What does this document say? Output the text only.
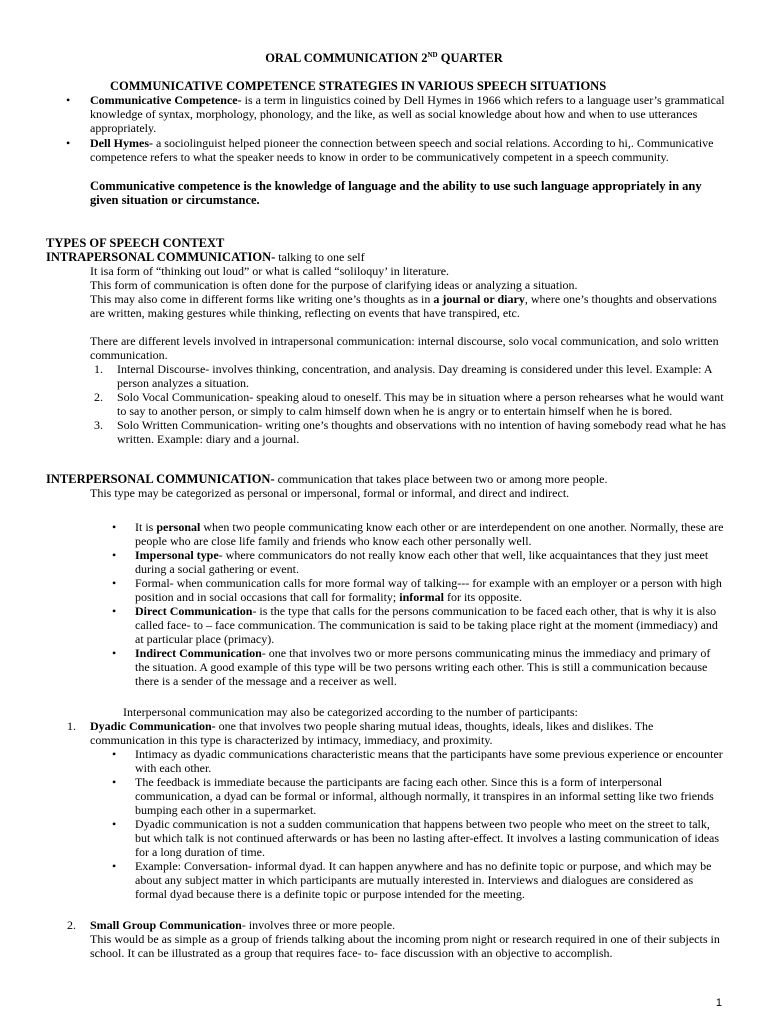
ORAL COMMUNICATION 2ND QUARTER
COMMUNICATIVE COMPETENCE STRATEGIES IN VARIOUS SPEECH SITUATIONS
• Communicative Competence- is a term in linguistics coined by Dell Hymes in 1966 which refers to a language user’s grammatical knowledge of syntax, morphology, phonology, and the like, as well as social knowledge about how and when to use utterances appropriately.
• Dell Hymes- a sociolinguist helped pioneer the connection between speech and social relations. According to hi,. Communicative competence refers to what the speaker needs to know in order to be communicatively competent in a speech community.
Communicative competence is the knowledge of language and the ability to use such language appropriately in any given situation or circumstance.
TYPES OF SPEECH CONTEXT
INTRAPERSONAL COMMUNICATION- talking to one self
It isa form of “thinking out loud” or what is called “soliloquy’ in literature.
This form of communication is often done for the purpose of clarifying ideas or analyzing a situation.
This may also come in different forms like writing one’s thoughts as in a journal or diary, where one’s thoughts and observations are written, making gestures while thinking, reflecting on events that have transpired, etc.
There are different levels involved in intrapersonal communication: internal discourse, solo vocal communication, and solo written communication.
1. Internal Discourse- involves thinking, concentration, and analysis. Day dreaming is considered under this level. Example: A person analyzes a situation.
2. Solo Vocal Communication- speaking aloud to oneself. This may be in situation where a person rehearses what he would want to say to another person, or simply to calm himself down when he is angry or to entertain himself when he is bored.
3. Solo Written Communication- writing one’s thoughts and observations with no intention of having somebody read what he has written. Example: diary and a journal.
INTERPERSONAL COMMUNICATION- communication that takes place between two or among more people.
This type may be categorized as personal or impersonal, formal or informal, and direct and indirect.
• It is personal when two people communicating know each other or are interdependent on one another. Normally, these are people who are close life family and friends who know each other personally well.
• Impersonal type- where communicators do not really know each other that well, like acquaintances that they just meet during a social gathering or event.
• Formal- when communication calls for more formal way of talking--- for example with an employer or a person with high position and in social occasions that call for formality; informal for its opposite.
• Direct Communication- is the type that calls for the persons communication to be faced each other, that is why it is also called face- to – face communication. The communication is said to be taking place right at the moment (immediacy) and at particular place (primacy).
• Indirect Communication- one that involves two or more persons communicating minus the immediacy and primary of the situation. A good example of this type will be two persons writing each other. This is still a communication because there is a sender of the message and a receiver as well.
Interpersonal communication may also be categorized according to the number of participants:
1. Dyadic Communication- one that involves two people sharing mutual ideas, thoughts, ideals, likes and dislikes. The communication in this type is characterized by intimacy, immediacy, and proximity.
• Intimacy as dyadic communications characteristic means that the participants have some previous experience or encounter with each other.
• The feedback is immediate because the participants are facing each other. Since this is a form of interpersonal communication, a dyad can be formal or informal, although normally, it transpires in an informal setting like two friends bumping each other in a supermarket.
• Dyadic communication is not a sudden communication that happens between two people who meet on the street to talk, but which talk is not continued afterwards or has been no lasting after-effect. It involves a lasting communication of ideas for a long duration of time.
• Example: Conversation- informal dyad. It can happen anywhere and has no definite topic or purpose, and which may be about any subject matter in which participants are mutually interested in. Interviews and dialogues are considered as formal dyad because there is a definite topic or purpose intended for the meeting.
2. Small Group Communication- involves three or more people.
This would be as simple as a group of friends talking about the incoming prom night or research required in one of their subjects in school. It can be illustrated as a group that requires face- to- face discussion with an objective to accomplish.
1
